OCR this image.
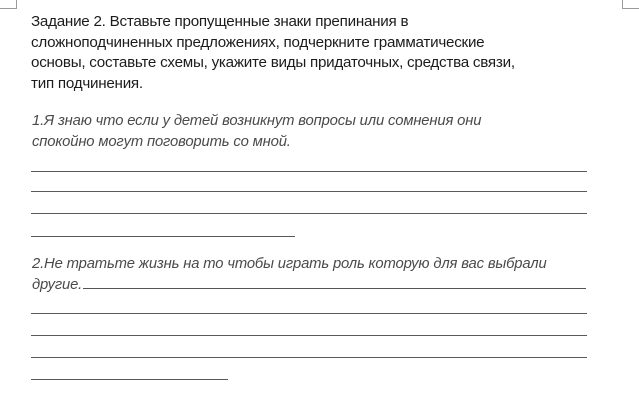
Задание 2. Вставьте пропущенные знаки препинания в
сложноподчиненных предложениях, подчеркните грамматические
основы, составьте схемы, укажите виды придаточных, средства связи,
тип подчинения.
1.Я знаю что если у детей возникнут вопросы или сомнения они
спокойно могут поговорить со мной.
2.Не тратьте жизнь на то чтобы играть роль которую для вас выбрали
другие.
